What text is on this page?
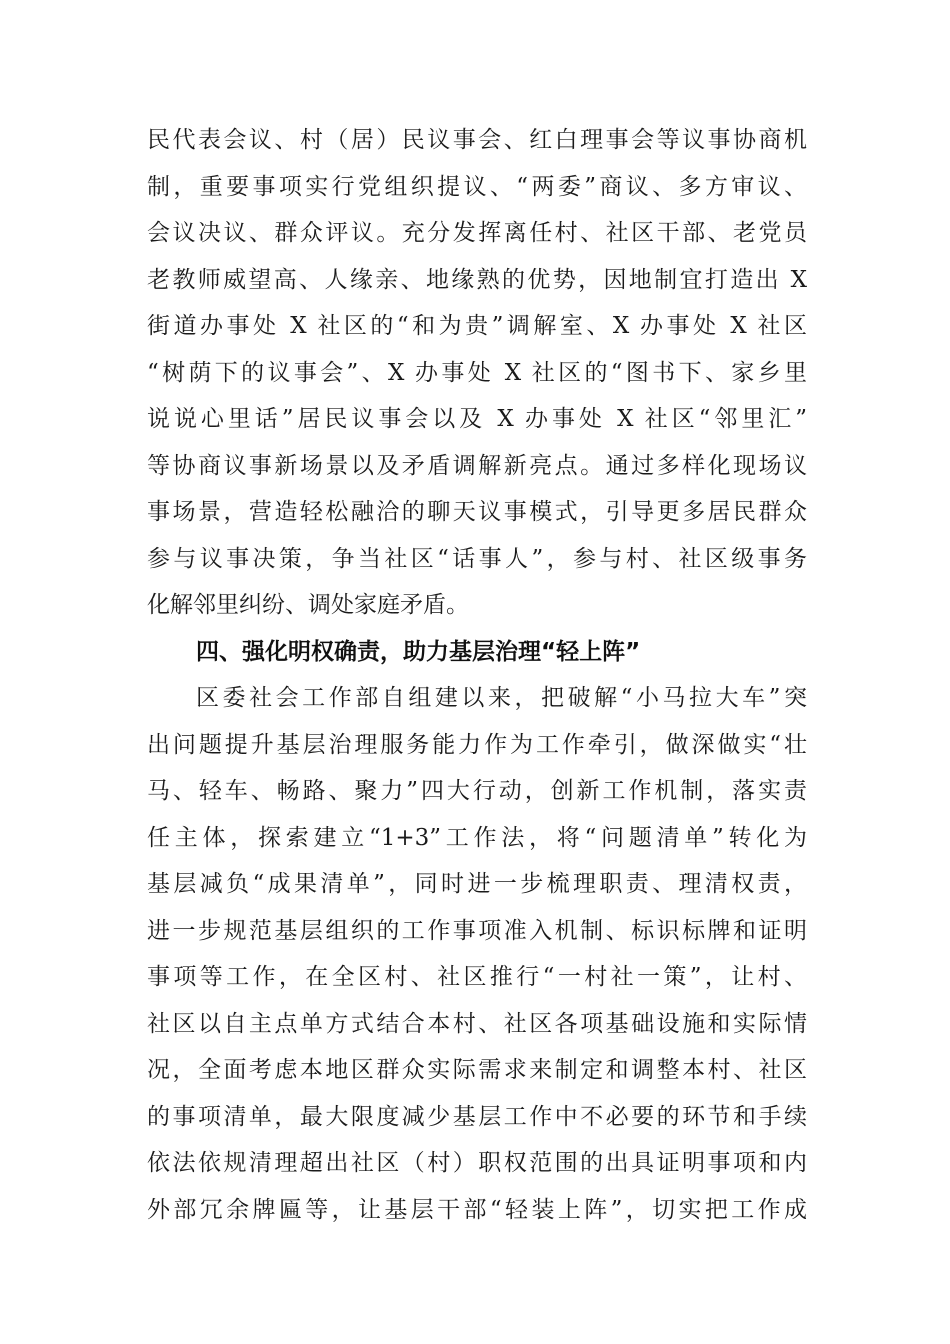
民代表会议、村（居）民议事会、红白理事会等议事协商机
制，重要事项实行党组织提议、“两委”商议、多方审议、
会议决议、群众评议。充分发挥离任村、社区干部、老党员
老教师威望高、人缘亲、地缘熟的优势，因地制宜打造出 X
街道办事处 X 社区的“和为贵”调解室、X 办事处 X 社区
“树荫下的议事会”、X 办事处 X 社区的“图书下、家乡里
说说心里话”居民议事会以及 X 办事处 X 社区“邻里汇”
等协商议事新场景以及矛盾调解新亮点。通过多样化现场议
事场景，营造轻松融洽的聊天议事模式，引导更多居民群众
参与议事决策，争当社区“话事人”，参与村、社区级事务
化解邻里纠纷、调处家庭矛盾。
四、强化明权确责，助力基层治理“轻上阵”
区委社会工作部自组建以来，把破解“小马拉大车”突
出问题提升基层治理服务能力作为工作牵引，做深做实“壮
马、轻车、畅路、聚力”四大行动，创新工作机制，落实责
任主体，探索建立“1+3”工作法，将“问题清单”转化为
基层减负“成果清单”，同时进一步梳理职责、理清权责，
进一步规范基层组织的工作事项准入机制、标识标牌和证明
事项等工作，在全区村、社区推行“一村社一策”，让村、
社区以自主点单方式结合本村、社区各项基础设施和实际情
况，全面考虑本地区群众实际需求来制定和调整本村、社区
的事项清单，最大限度减少基层工作中不必要的环节和手续
依法依规清理超出社区（村）职权范围的出具证明事项和内
外部冗余牌匾等，让基层干部“轻装上阵”，切实把工作成
